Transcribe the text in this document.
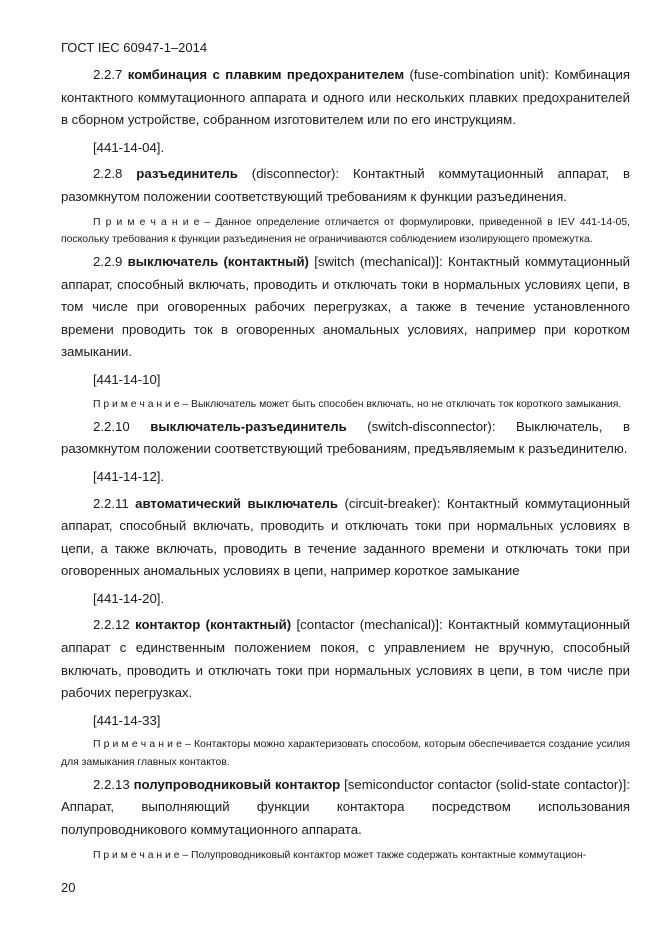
ГОСТ IEC 60947-1–2014

2.2.7 комбинация с плавким предохранителем (fuse-combination unit): Комбинация контактного коммутационного аппарата и одного или нескольких плавких предохранителей в сборном устройстве, собранном изготовителем или по его инструкциям.

[441-14-04].

2.2.8 разъединитель (disconnector): Контактный коммутационный аппарат, в разомкнутом положении соответствующий требованиям к функции разъединения.

П р и м е ч а н и е – Данное определение отличается от формулировки, приведенной в IEV 441-14-05, поскольку требования к функции разъединения не ограничиваются соблюдением изолирующего промежутка.

2.2.9 выключатель (контактный) [switch (mechanical)]: Контактный коммутационный аппарат, способный включать, проводить и отключать токи в нормальных условиях цепи, в том числе при оговоренных рабочих перегрузках, а также в течение установленного времени проводить ток в оговоренных аномальных условиях, например при коротком замыкании.

[441-14-10]

П р и м е ч а н и е – Выключатель может быть способен включать, но не отключать ток короткого замыкания.

2.2.10 выключатель-разъединитель (switch-disconnector): Выключатель, в разомкнутом положении соответствующий требованиям, предъявляемым к разъединителю.

[441-14-12].

2.2.11 автоматический выключатель (circuit-breaker): Контактный коммутационный аппарат, способный включать, проводить и отключать токи при нормальных условиях в цепи, а также включать, проводить в течение заданного времени и отключать токи при оговоренных аномальных условиях в цепи, например короткое замыкание

[441-14-20].

2.2.12 контактор (контактный) [contactor (mechanical)]: Контактный коммутационный аппарат с единственным положением покоя, с управлением не вручную, способный включать, проводить и отключать токи при нормальных условиях в цепи, в том числе при рабочих перегрузках.

[441-14-33]

П р и м е ч а н и е – Контакторы можно характеризовать способом, которым обеспечивается создание усилия для замыкания главных контактов.

2.2.13 полупроводниковый контактор [semiconductor contactor (solid-state contactor)]: Аппарат, выполняющий функции контактора посредством использования полупроводникового коммутационного аппарата.

П р и м е ч а н и е – Полупроводниковый контактор может также содержать контактные коммутацион-

20
